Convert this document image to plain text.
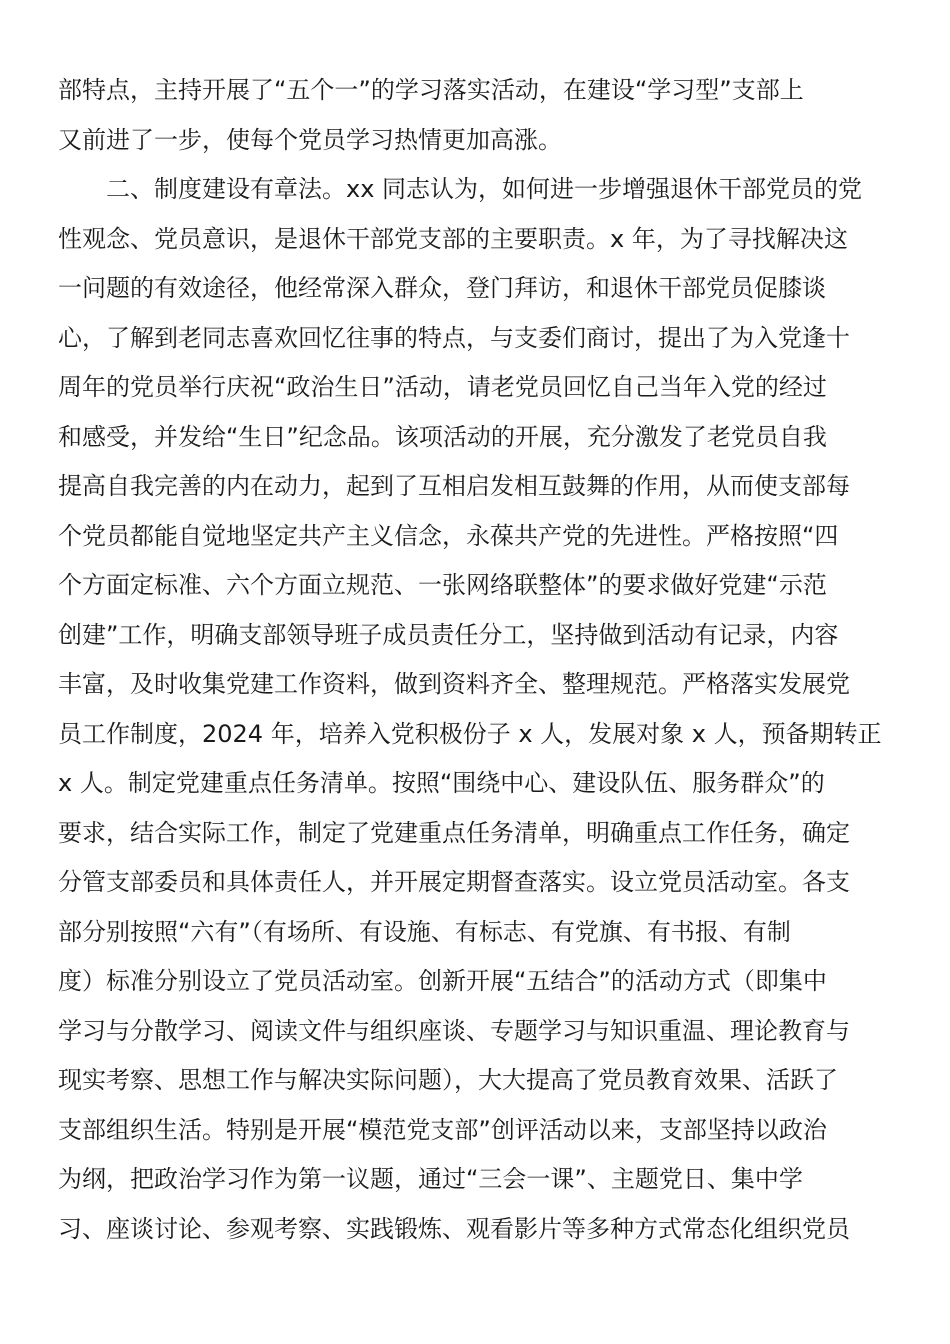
部特点，主持开展了“五个一”的学习落实活动，在建设“学习型”支部上
又前进了一步，使每个党员学习热情更加高涨。
二、制度建设有章法。xx 同志认为，如何进一步增强退休干部党员的党
性观念、党员意识，是退休干部党支部的主要职责。x 年，为了寻找解决这
一问题的有效途径，他经常深入群众，登门拜访，和退休干部党员促膝谈
心，了解到老同志喜欢回忆往事的特点，与支委们商讨，提出了为入党逢十
周年的党员举行庆祝“政治生日”活动，请老党员回忆自己当年入党的经过
和感受，并发给“生日”纪念品。该项活动的开展，充分激发了老党员自我
提高自我完善的内在动力，起到了互相启发相互鼓舞的作用，从而使支部每
个党员都能自觉地坚定共产主义信念，永葆共产党的先进性。严格按照“四
个方面定标准、六个方面立规范、一张网络联整体”的要求做好党建“示范
创建”工作，明确支部领导班子成员责任分工，坚持做到活动有记录，内容
丰富，及时收集党建工作资料，做到资料齐全、整理规范。严格落实发展党
员工作制度，2024 年，培养入党积极份子 x 人，发展对象 x 人，预备期转正
x 人。制定党建重点任务清单。按照“围绕中心、建设队伍、服务群众”的
要求，结合实际工作，制定了党建重点任务清单，明确重点工作任务，确定
分管支部委员和具体责任人，并开展定期督查落实。设立党员活动室。各支
部分别按照“六有”（有场所、有设施、有标志、有党旗、有书报、有制
度）标准分别设立了党员活动室。创新开展“五结合”的活动方式（即集中
学习与分散学习、阅读文件与组织座谈、专题学习与知识重温、理论教育与
现实考察、思想工作与解决实际问题），大大提高了党员教育效果、活跃了
支部组织生活。特别是开展“模范党支部”创评活动以来，支部坚持以政治
为纲，把政治学习作为第一议题，通过“三会一课”、主题党日、集中学
习、座谈讨论、参观考察、实践锻炼、观看影片等多种方式常态化组织党员
